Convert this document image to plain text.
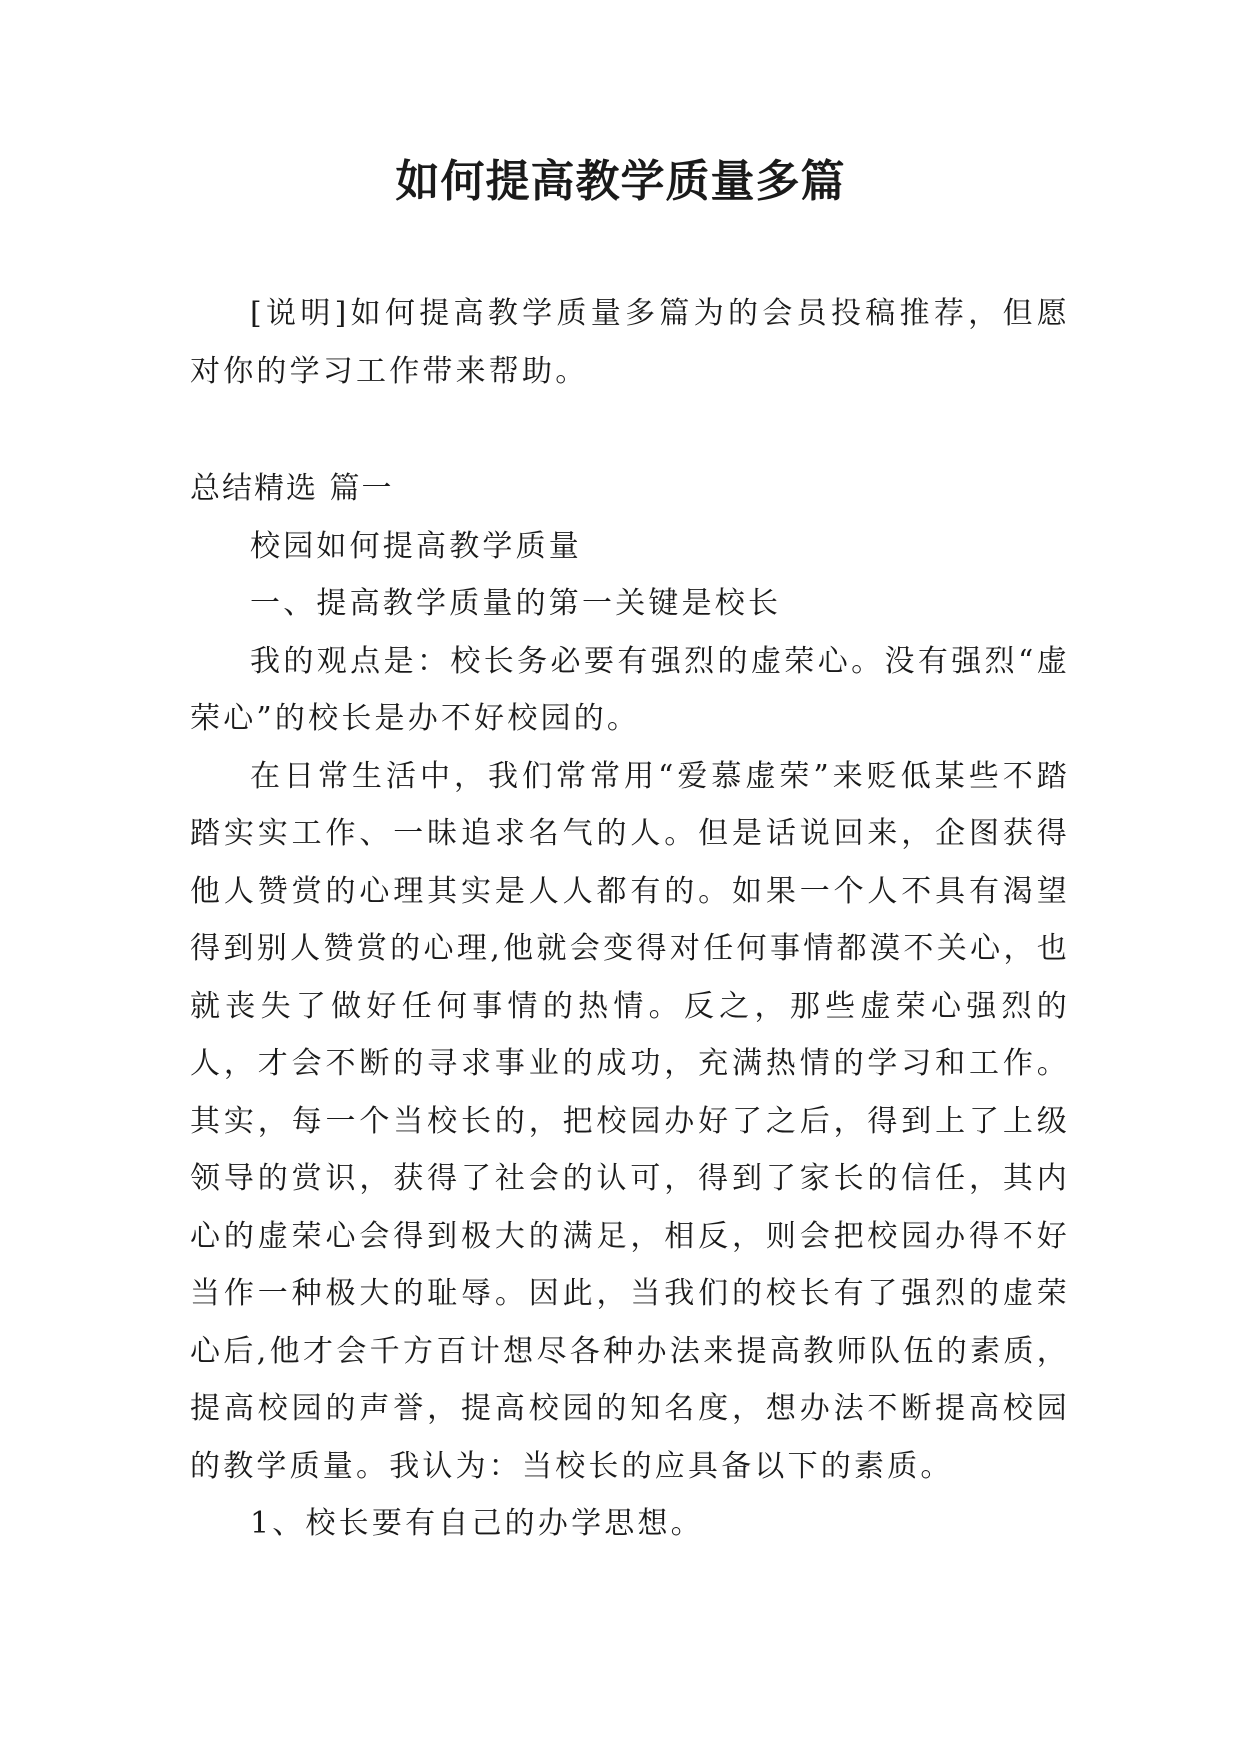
如何提高教学质量多篇

[说明]如何提高教学质量多篇为的会员投稿推荐，但愿对你的学习工作带来帮助。

总结精选 篇一

校园如何提高教学质量

一、提高教学质量的第一关键是校长

我的观点是：校长务必要有强烈的虚荣心。没有强烈“虚荣心”的校长是办不好校园的。

在日常生活中，我们常常用“爱慕虚荣”来贬低某些不踏踏实实工作、一昧追求名气的人。但是话说回来，企图获得他人赞赏的心理其实是人人都有的。如果一个人不具有渴望得到别人赞赏的心理,他就会变得对任何事情都漠不关心，也就丧失了做好任何事情的热情。反之，那些虚荣心强烈的人，才会不断的寻求事业的成功，充满热情的学习和工作。其实，每一个当校长的，把校园办好了之后，得到上了上级领导的赏识，获得了社会的认可，得到了家长的信任，其内心的虚荣心会得到极大的满足，相反，则会把校园办得不好当作一种极大的耻辱。因此，当我们的校长有了强烈的虚荣心后,他才会千方百计想尽各种办法来提高教师队伍的素质，提高校园的声誉，提高校园的知名度，想办法不断提高校园的教学质量。我认为：当校长的应具备以下的素质。

1、校长要有自己的办学思想。
